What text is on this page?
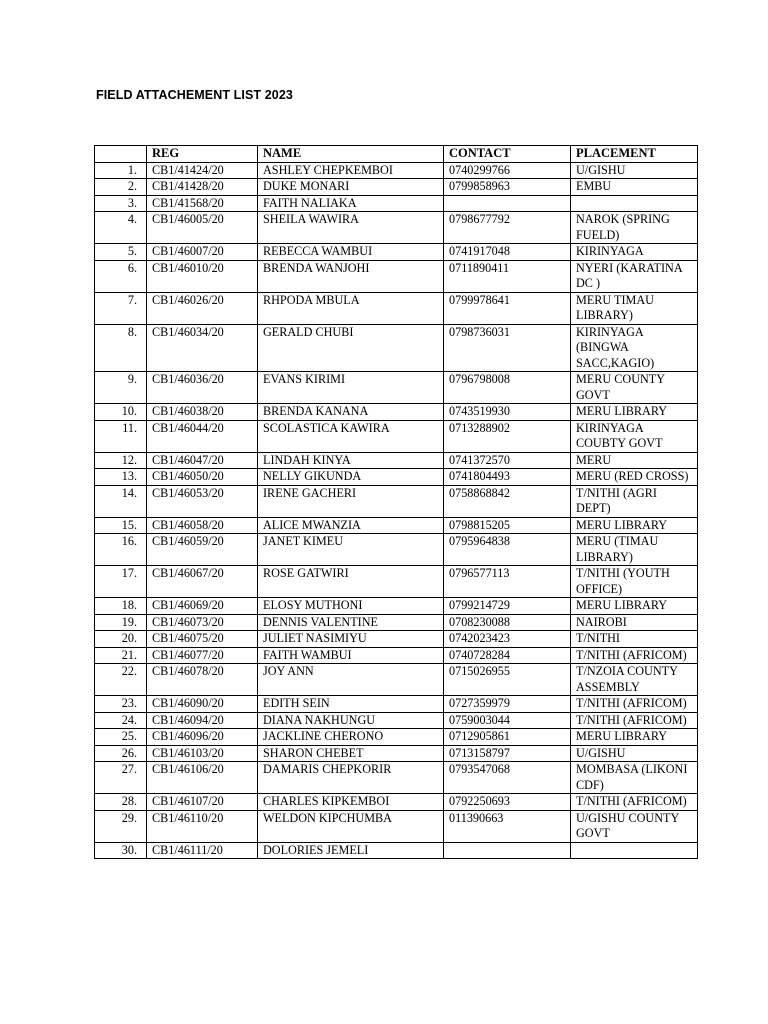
FIELD ATTACHEMENT LIST 2023
	REG	NAME	CONTACT	PLACEMENT
1.	CB1/41424/20	ASHLEY CHEPKEMBOI	0740299766	U/GISHU
2.	CB1/41428/20	DUKE MONARI	0799858963	EMBU
3.	CB1/41568/20	FAITH NALIAKA		
4.	CB1/46005/20	SHEILA WAWIRA	0798677792	NAROK (SPRING FUELD)
5.	CB1/46007/20	REBECCA WAMBUI	0741917048	KIRINYAGA
6.	CB1/46010/20	BRENDA WANJOHI	0711890411	NYERI (KARATINA DC )
7.	CB1/46026/20	RHPODA MBULA	0799978641	MERU TIMAU LIBRARY)
8.	CB1/46034/20	GERALD CHUBI	0798736031	KIRINYAGA (BINGWA SACC,KAGIO)
9.	CB1/46036/20	EVANS KIRIMI	0796798008	MERU COUNTY GOVT
10.	CB1/46038/20	BRENDA KANANA	0743519930	MERU LIBRARY
11.	CB1/46044/20	SCOLASTICA KAWIRA	0713288902	KIRINYAGA COUBTY GOVT
12.	CB1/46047/20	LINDAH KINYA	0741372570	MERU
13.	CB1/46050/20	NELLY GIKUNDA	0741804493	MERU (RED CROSS)
14.	CB1/46053/20	IRENE GACHERI	0758868842	T/NITHI (AGRI DEPT)
15.	CB1/46058/20	ALICE MWANZIA	0798815205	MERU LIBRARY
16.	CB1/46059/20	JANET KIMEU	0795964838	MERU (TIMAU LIBRARY)
17.	CB1/46067/20	ROSE GATWIRI	0796577113	T/NITHI (YOUTH OFFICE)
18.	CB1/46069/20	ELOSY MUTHONI	0799214729	MERU LIBRARY
19.	CB1/46073/20	DENNIS VALENTINE	0708230088	NAIROBI
20.	CB1/46075/20	JULIET NASIMIYU	0742023423	T/NITHI
21.	CB1/46077/20	FAITH WAMBUI	0740728284	T/NITHI (AFRICOM)
22.	CB1/46078/20	JOY ANN	0715026955	T/NZOIA COUNTY ASSEMBLY
23.	CB1/46090/20	EDITH SEIN	0727359979	T/NITHI (AFRICOM)
24.	CB1/46094/20	DIANA NAKHUNGU	0759003044	T/NITHI (AFRICOM)
25.	CB1/46096/20	JACKLINE CHERONO	0712905861	MERU LIBRARY
26.	CB1/46103/20	SHARON CHEBET	0713158797	U/GISHU
27.	CB1/46106/20	DAMARIS CHEPKORIR	0793547068	MOMBASA (LIKONI CDF)
28.	CB1/46107/20	CHARLES KIPKEMBOI	0792250693	T/NITHI (AFRICOM)
29.	CB1/46110/20	WELDON KIPCHUMBA	011390663	U/GISHU COUNTY GOVT
30.	CB1/46111/20	DOLORIES JEMELI		
